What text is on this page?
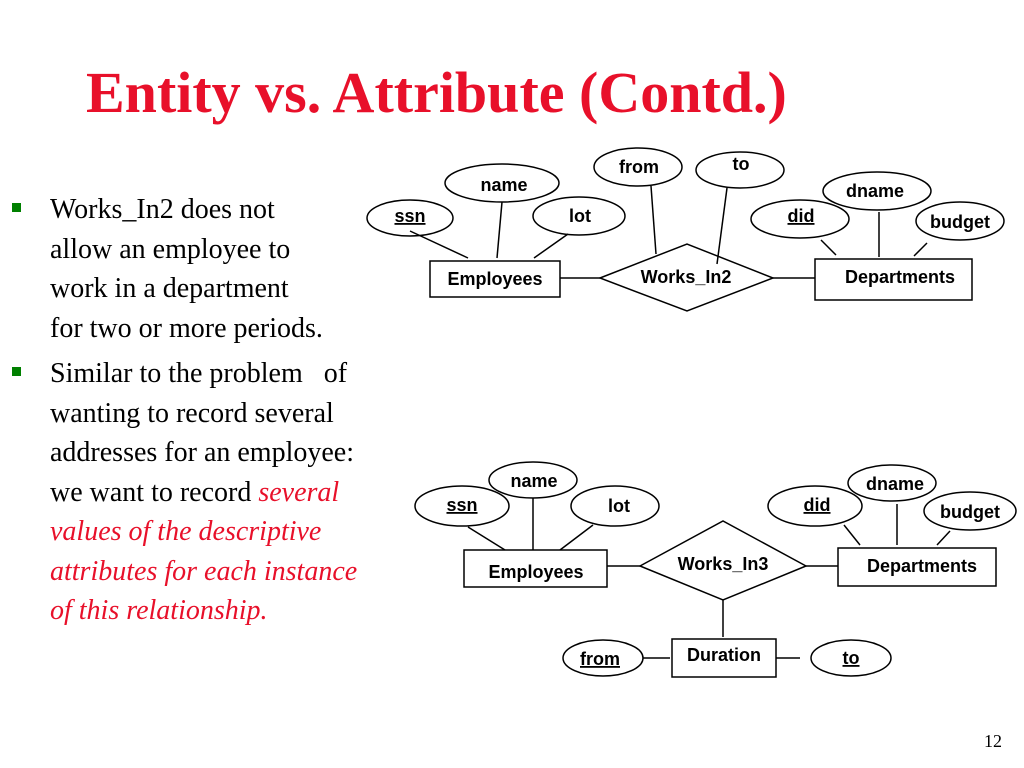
Entity vs. Attribute (Contd.)
Works_In2 does not
allow an employee to
work in a department
for two or more periods.
Similar to the problem   of
wanting to record several
addresses for an employee:
we want to record several
values of the descriptive
attributes for each instance
of this relationship.
ssn
name
lot
from	to
did
dname
budget
Employees	Works_In2	Departments
ssn
name
lot	did
dname
budget
Employees	Works_In3	Departments
Duration
from	to
12
